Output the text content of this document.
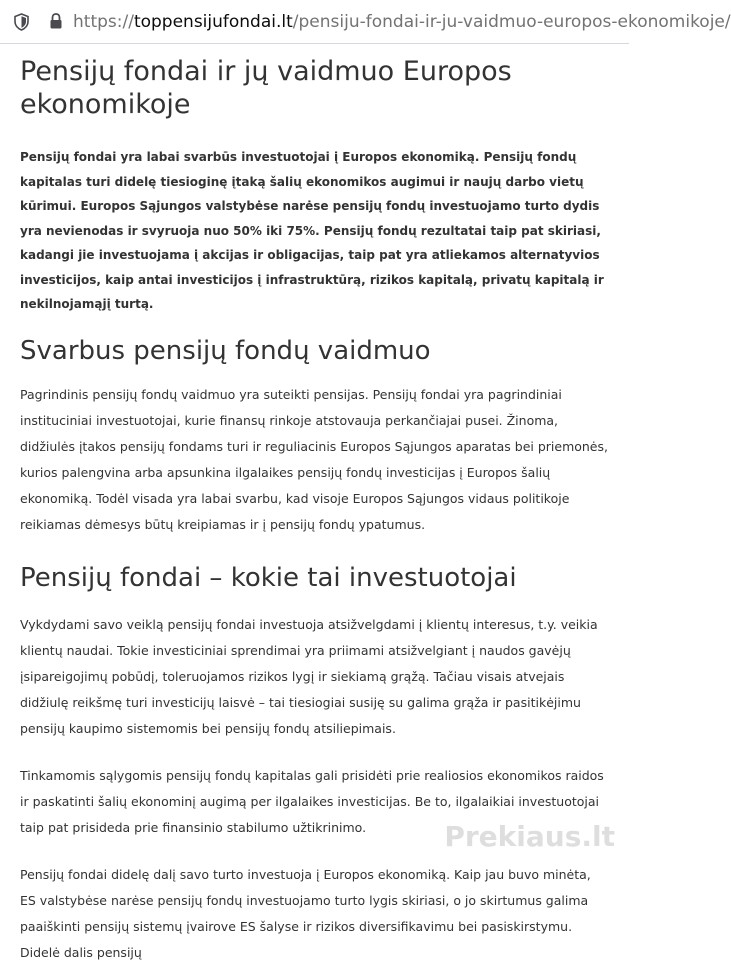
https://toppensijufondai.lt/pensiju-fondai-ir-ju-vaidmuo-europos-ekonomikoje/
Pensijų fondai ir jų vaidmuo Europos ekonomikoje

Pensijų fondai yra labai svarbūs investuotojai į Europos ekonomiką. Pensijų fondų kapitalas turi didelę tiesioginę įtaką šalių ekonomikos augimui ir naujų darbo vietų kūrimui. Europos Sąjungos valstybėse narėse pensijų fondų investuojamo turto dydis yra nevienodas ir svyruoja nuo 50% iki 75%. Pensijų fondų rezultatai taip pat skiriasi, kadangi jie investuojama į akcijas ir obligacijas, taip pat yra atliekamos alternatyvios investicijos, kaip antai investicijos į infrastruktūrą, rizikos kapitalą, privatų kapitalą ir nekilnojamąjį turtą.

Svarbus pensijų fondų vaidmuo

Pagrindinis pensijų fondų vaidmuo yra suteikti pensijas. Pensijų fondai yra pagrindiniai instituciniai investuotojai, kurie finansų rinkoje atstovauja perkančiajai pusei. Žinoma, didžiulės įtakos pensijų fondams turi ir reguliacinis Europos Sąjungos aparatas bei priemonės, kurios palengvina arba apsunkina ilgalaikes pensijų fondų investicijas į Europos šalių ekonomiką. Todėl visada yra labai svarbu, kad visoje Europos Sąjungos vidaus politikoje reikiamas dėmesys būtų kreipiamas ir į pensijų fondų ypatumus.

Pensijų fondai – kokie tai investuotojai

Vykdydami savo veiklą pensijų fondai investuoja atsižvelgdami į klientų interesus, t.y. veikia klientų naudai. Tokie investiciniai sprendimai yra priimami atsižvelgiant į naudos gavėjų įsipareigojimų pobūdį, toleruojamos rizikos lygį ir siekiamą grąžą. Tačiau visais atvejais didžiulę reikšmę turi investicijų laisvė – tai tiesiogiai susiję su galima grąža ir pasitikėjimu pensijų kaupimo sistemomis bei pensijų fondų atsiliepimais.

Tinkamomis sąlygomis pensijų fondų kapitalas gali prisidėti prie realiosios ekonomikos raidos ir paskatinti šalių ekonominį augimą per ilgalaikes investicijas. Be to, ilgalaikiai investuotojai taip pat prisideda prie finansinio stabilumo užtikrinimo.

Pensijų fondai didelę dalį savo turto investuoja į Europos ekonomiką. Kaip jau buvo minėta, ES valstybėse narėse pensijų fondų investuojamo turto lygis skiriasi, o jo skirtumus galima paaiškinti pensijų sistemų įvairove ES šalyse ir rizikos diversifikavimu bei pasiskirstymu. Didelė dalis pensijų

Prekiaus.lt
